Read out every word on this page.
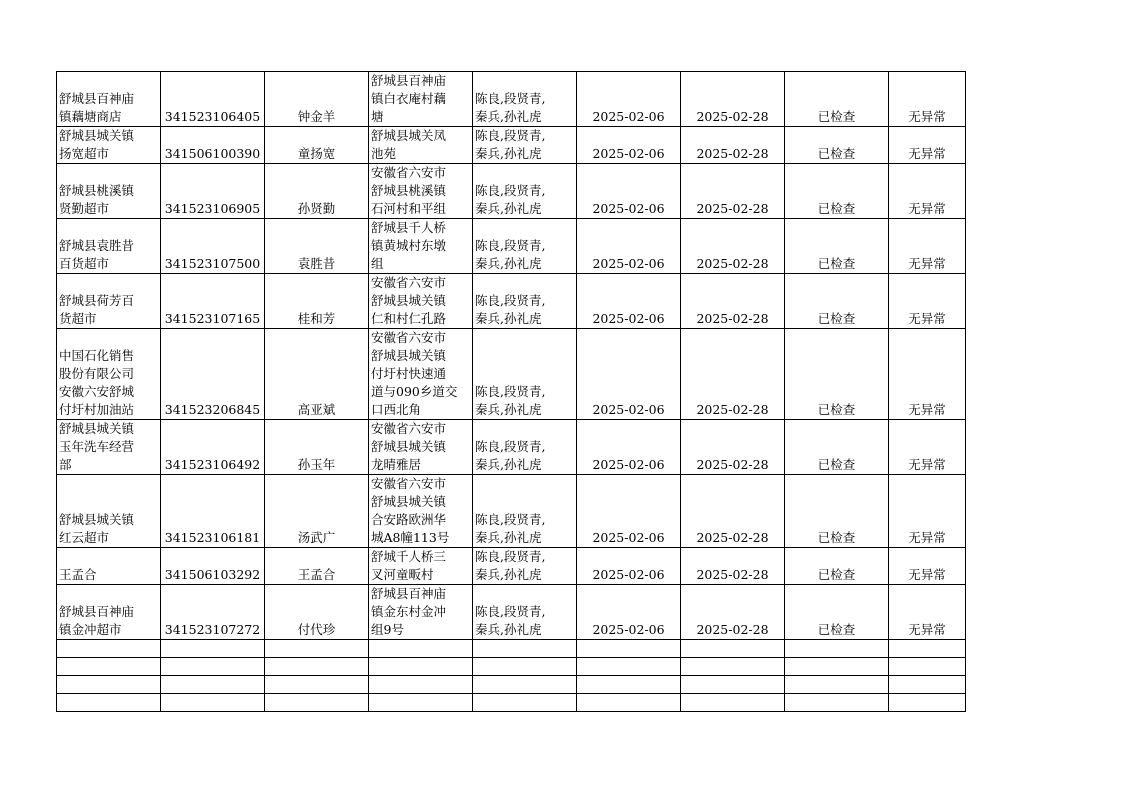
舒城县百神庙
镇藕塘商店	341523106405	钟金羊	舒城县百神庙
镇白衣庵村藕
塘	陈良,段贤青,
秦兵,孙礼虎	2025-02-06	2025-02-28	已检查	无异常
舒城县城关镇
扬宽超市	341506100390	童扬宽	舒城县城关凤
池苑	陈良,段贤青,
秦兵,孙礼虎	2025-02-06	2025-02-28	已检查	无异常
舒城县桃溪镇
贤勤超市	341523106905	孙贤勤	安徽省六安市
舒城县桃溪镇
石河村和平组	陈良,段贤青,
秦兵,孙礼虎	2025-02-06	2025-02-28	已检查	无异常
舒城县袁胜昔
百货超市	341523107500	袁胜昔	舒城县千人桥
镇黄城村东墩
组	陈良,段贤青,
秦兵,孙礼虎	2025-02-06	2025-02-28	已检查	无异常
舒城县荷芳百
货超市	341523107165	桂和芳	安徽省六安市
舒城县城关镇
仁和村仁孔路	陈良,段贤青,
秦兵,孙礼虎	2025-02-06	2025-02-28	已检查	无异常
中国石化销售
股份有限公司
安徽六安舒城
付圩村加油站	341523206845	高亚斌	安徽省六安市
舒城县城关镇
付圩村快速通
道与090乡道交
口西北角	陈良,段贤青,
秦兵,孙礼虎	2025-02-06	2025-02-28	已检查	无异常
舒城县城关镇
玉年洗车经营
部	341523106492	孙玉年	安徽省六安市
舒城县城关镇
龙晴雅居	陈良,段贤青,
秦兵,孙礼虎	2025-02-06	2025-02-28	已检查	无异常
舒城县城关镇
红云超市	341523106181	汤武广	安徽省六安市
舒城县城关镇
合安路欧洲华
城A8幢113号	陈良,段贤青,
秦兵,孙礼虎	2025-02-06	2025-02-28	已检查	无异常
王孟合	341506103292	王孟合	舒城千人桥三
叉河童畈村	陈良,段贤青,
秦兵,孙礼虎	2025-02-06	2025-02-28	已检查	无异常
舒城县百神庙
镇金冲超市	341523107272	付代珍	舒城县百神庙
镇金东村金冲
组9号	陈良,段贤青,
秦兵,孙礼虎	2025-02-06	2025-02-28	已检查	无异常
